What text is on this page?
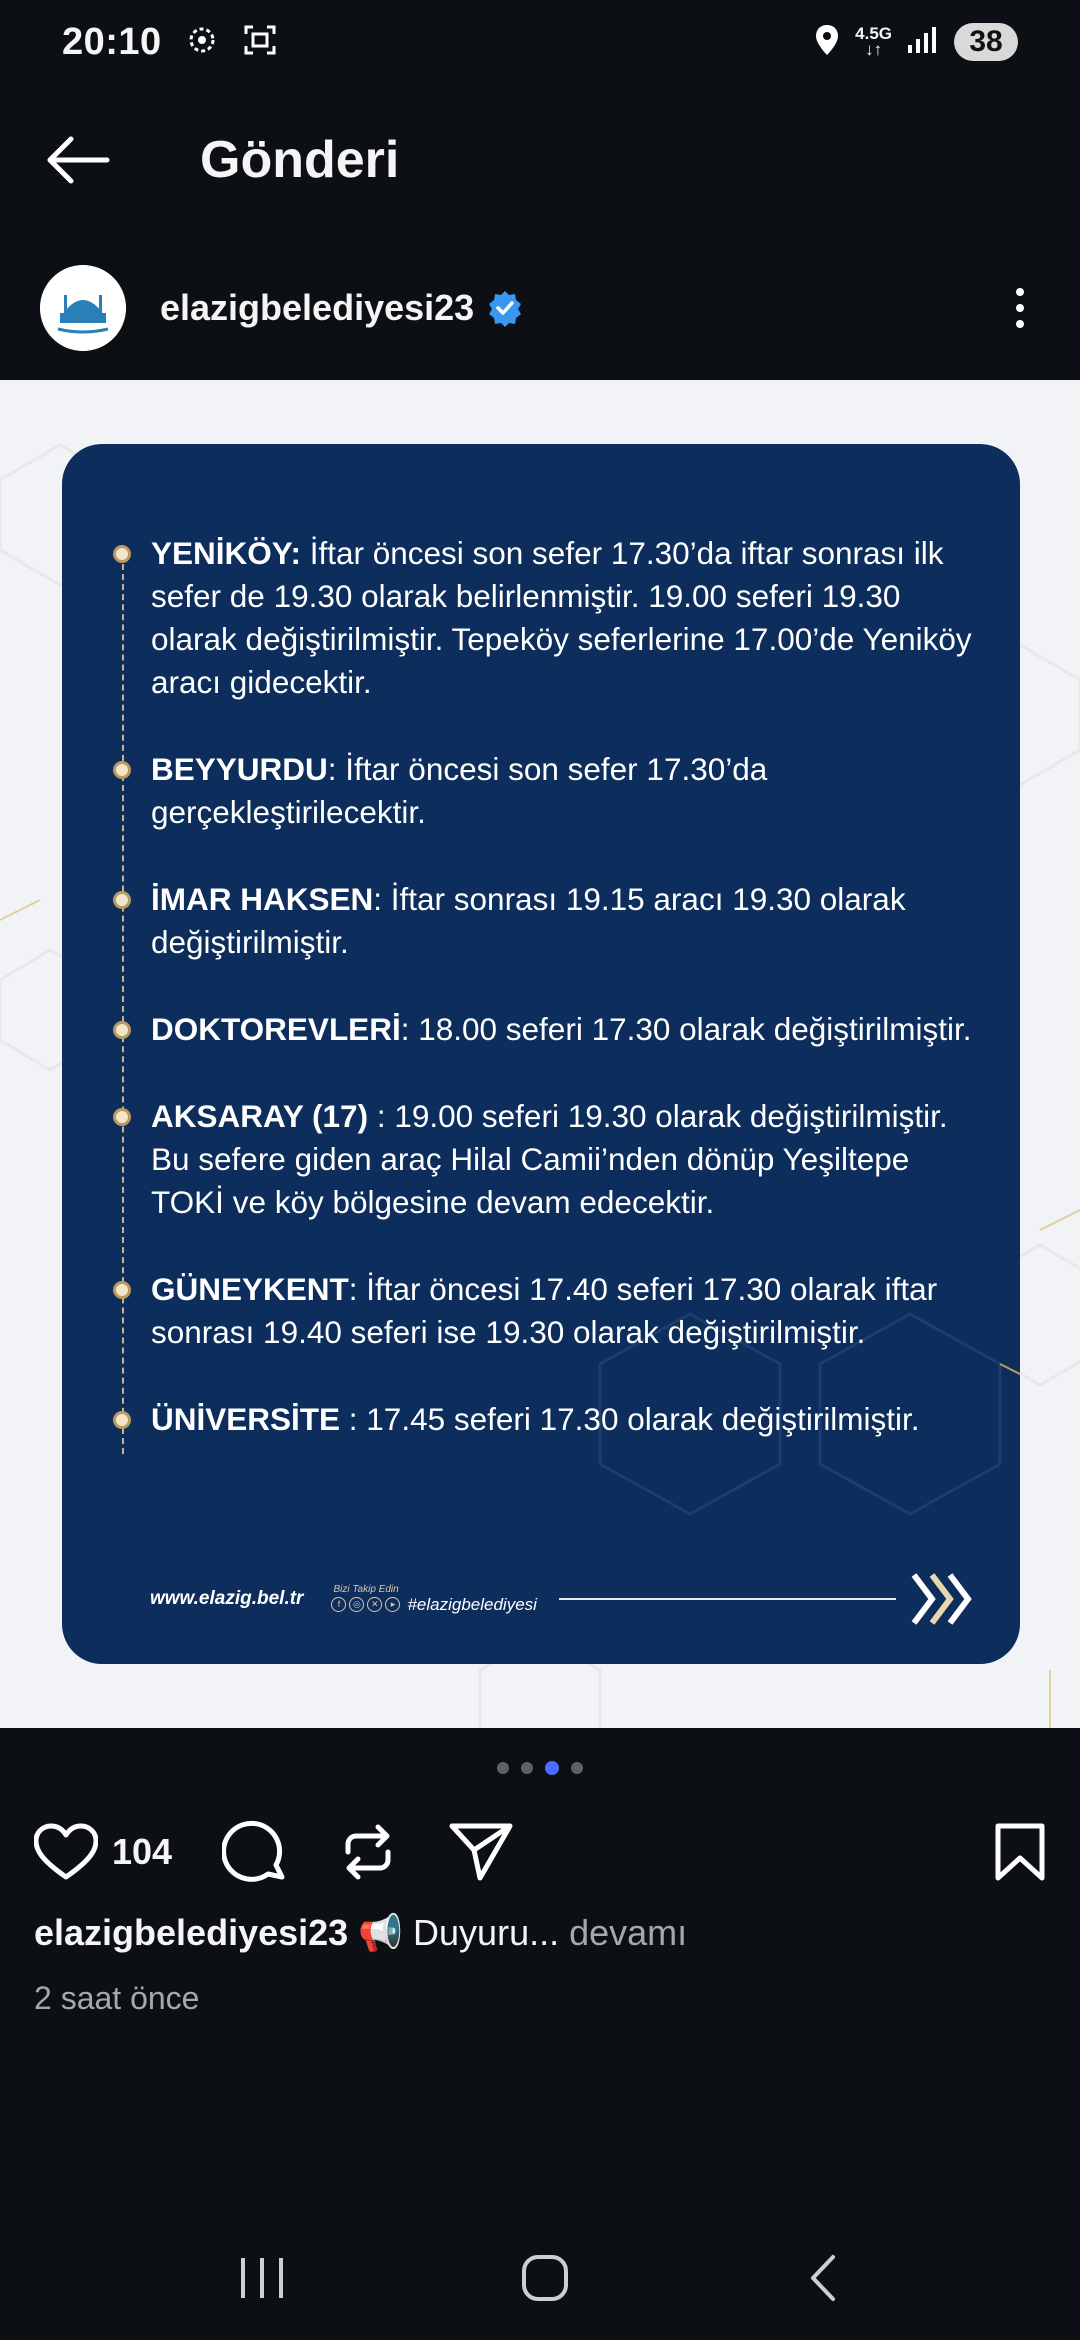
20:10	4.5G
↓↑	38
Gönderi
elazigbelediyesi23
YENİKÖY: İftar öncesi son sefer 17.30’da iftar sonrası ilk sefer de 19.30 olarak belirlenmiştir. 19.00 seferi 19.30 olarak değiştirilmiştir. Tepeköy seferlerine 17.00’de Yeniköy aracı gidecektir.
BEYYURDU: İftar öncesi son sefer 17.30’da gerçekleştirilecektir.
İMAR HAKSEN: İftar sonrası 19.15 aracı 19.30 olarak değiştirilmiştir.
DOKTOREVLERİ: 18.00 seferi 17.30 olarak değiştirilmiştir.
AKSARAY (17) : 19.00 seferi 19.30 olarak değiştirilmiştir. Bu sefere giden araç Hilal Camii’nden dönüp Yeşiltepe TOKİ ve köy bölgesine devam edecektir.
GÜNEYKENT: İftar öncesi 17.40 seferi 17.30 olarak iftar sonrası 19.40 seferi ise 19.30 olarak değiştirilmiştir.
ÜNİVERSİTE : 17.45 seferi 17.30 olarak değiştirilmiştir.
www.elazig.bel.tr	Bizi Takip Edin
f	◎	✕	▸ #elazigbelediyesi
104
elazigbelediyesi23 📢 Duyuru... devamı
2 saat önce
